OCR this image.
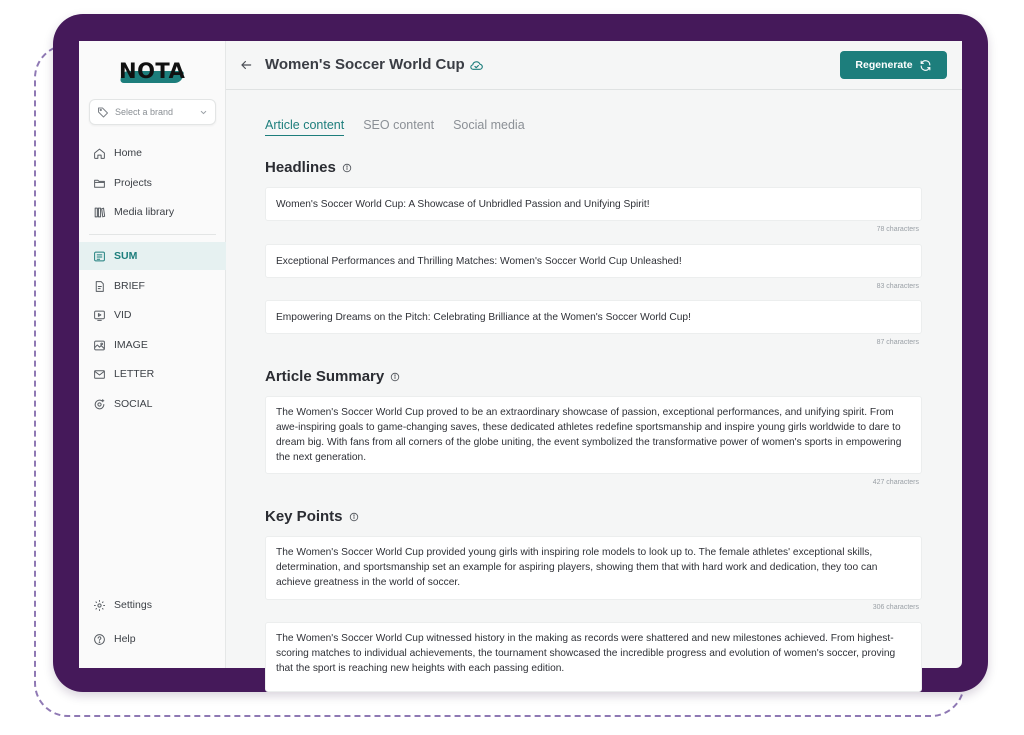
NOTA
Select a brand
Home
Projects
Media library
SUM
BRIEF
VID
IMAGE
LETTER
SOCIAL
Settings
Help
Women's Soccer World Cup	Regenerate
Article content SEO content Social media
Headlines
Women's Soccer World Cup: A Showcase of Unbridled Passion and Unifying Spirit!
78 characters
Exceptional Performances and Thrilling Matches: Women's Soccer World Cup Unleashed!
83 characters
Empowering Dreams on the Pitch: Celebrating Brilliance at the Women's Soccer World Cup!
87 characters
Article Summary
The Women's Soccer World Cup proved to be an extraordinary showcase of passion, exceptional performances, and unifying spirit. From awe-inspiring goals to game-changing saves, these dedicated athletes redefine sportsmanship and inspire young girls worldwide to dare to dream big. With fans from all corners of the globe uniting, the event symbolized the transformative power of women's sports in empowering the next generation.
427 characters
Key Points
The Women's Soccer World Cup provided young girls with inspiring role models to look up to. The female athletes' exceptional skills, determination, and sportsmanship set an example for aspiring players, showing them that with hard work and dedication, they too can achieve greatness in the world of soccer.
306 characters
The Women's Soccer World Cup witnessed history in the making as records were shattered and new milestones achieved. From highest-scoring matches to individual achievements, the tournament showcased the incredible progress and evolution of women's soccer, proving that the sport is reaching new heights with each passing edition.
